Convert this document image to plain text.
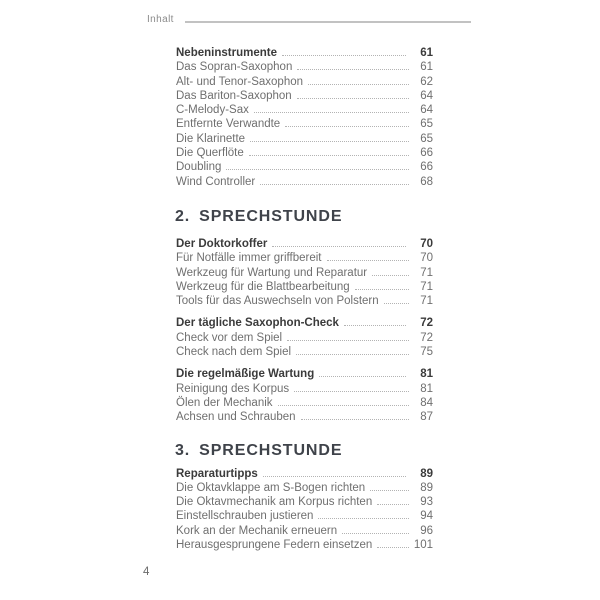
Inhalt
Nebeninstrumente	61
Das Sopran-Saxophon	61
Alt- und Tenor-Saxophon	62
Das Bariton-Saxophon	64
C-Melody-Sax	64
Entfernte Verwandte	65
Die Klarinette	65
Die Querflöte	66
Doubling	66
Wind Controller	68
2. SPRECHSTUNDE
Der Doktorkoffer	70
Für Notfälle immer griffbereit	70
Werkzeug für Wartung und Reparatur	71
Werkzeug für die Blattbearbeitung	71
Tools für das Auswechseln von Polstern	71
Der tägliche Saxophon-Check	72
Check vor dem Spiel	72
Check nach dem Spiel	75
Die regelmäßige Wartung	81
Reinigung des Korpus	81
Ölen der Mechanik	84
Achsen und Schrauben	87
3. SPRECHSTUNDE
Reparaturtipps	89
Die Oktavklappe am S-Bogen richten	89
Die Oktavmechanik am Korpus richten	93
Einstellschrauben justieren	94
Kork an der Mechanik erneuern	96
Herausgesprungene Federn einsetzen	101
4
